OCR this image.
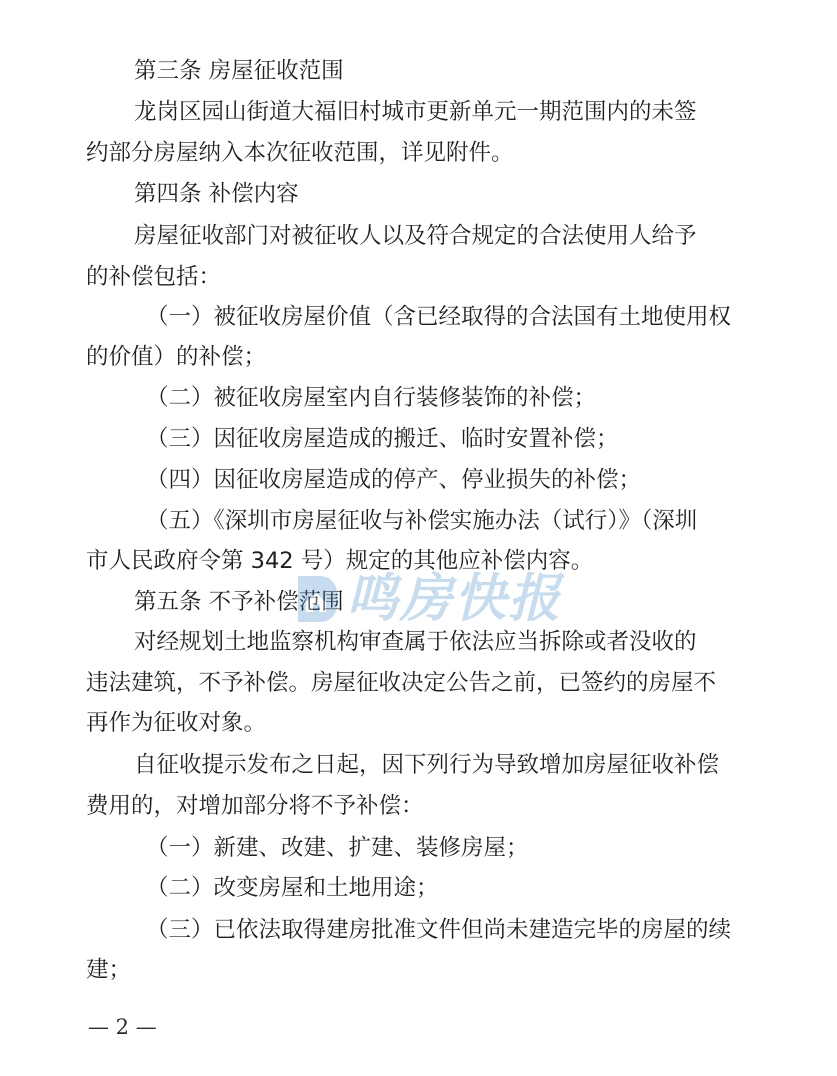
第三条 房屋征收范围
龙岗区园山街道大福旧村城市更新单元一期范围内的未签
约部分房屋纳入本次征收范围，详见附件。
第四条 补偿内容
房屋征收部门对被征收人以及符合规定的合法使用人给予
的补偿包括：
（一）被征收房屋价值（含已经取得的合法国有土地使用权
的价值）的补偿；
（二）被征收房屋室内自行装修装饰的补偿；
（三）因征收房屋造成的搬迁、临时安置补偿；
（四）因征收房屋造成的停产、停业损失的补偿；
（五）《深圳市房屋征收与补偿实施办法（试行）》（深圳
市人民政府令第 342 号）规定的其他应补偿内容。
第五条 不予补偿范围
对经规划土地监察机构审查属于依法应当拆除或者没收的
违法建筑，不予补偿。房屋征收决定公告之前，已签约的房屋不
再作为征收对象。
自征收提示发布之日起，因下列行为导致增加房屋征收补偿
费用的，对增加部分将不予补偿：
（一）新建、改建、扩建、装修房屋；
（二）改变房屋和土地用途；
（三）已依法取得建房批准文件但尚未建造完毕的房屋的续
建；
— 2 —
鸣房快报
